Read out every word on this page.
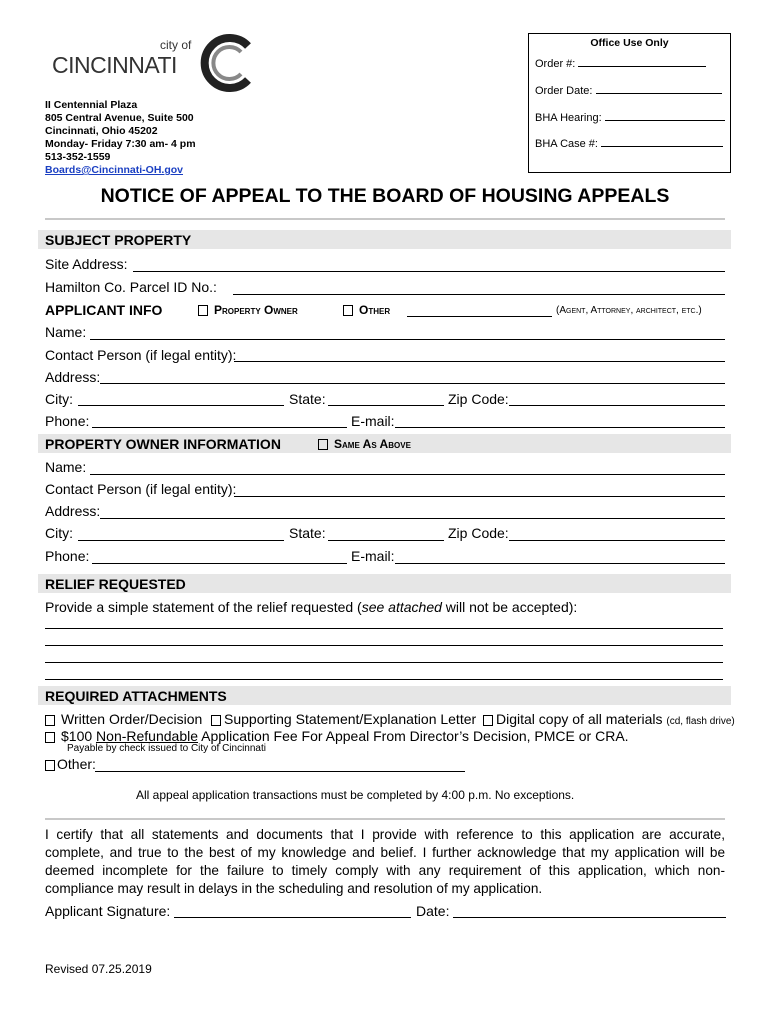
city of
CINCINNATI
II Centennial Plaza
805 Central Avenue, Suite 500
Cincinnati, Ohio 45202
Monday- Friday 7:30 am- 4 pm
513-352-1559
Boards@Cincinnati-OH.gov
Office Use Only
Order #:
Order Date:
BHA Hearing:
BHA Case #:
NOTICE OF APPEAL TO THE BOARD OF HOUSING APPEALS
SUBJECT PROPERTY
Site Address:
Hamilton Co. Parcel ID No.:
APPLICANT INFO	Property Owner	Other	(Agent, Attorney, architect, etc.)
Name:
Contact Person (if legal entity):
Address:
City:	State:	Zip Code:
Phone:	E-mail:
PROPERTY OWNER INFORMATION	Same As Above
Name:
Contact Person (if legal entity):
Address:
City:	State:	Zip Code:
Phone:	E-mail:
RELIEF REQUESTED
Provide a simple statement of the relief requested (see attached will not be accepted):
REQUIRED ATTACHMENTS
Written Order/Decision	Supporting Statement/Explanation Letter	Digital copy of all materials (cd, flash drive)
$100 Non-Refundable Application Fee For Appeal From Director’s Decision, PMCE or CRA.
Payable by check issued to City of Cincinnati
Other:
All appeal application transactions must be completed by 4:00 p.m. No exceptions.
I certify that all statements and documents that I provide with reference to this application are accurate, complete, and true to the best of my knowledge and belief. I further acknowledge that my application will be deemed incomplete for the failure to timely comply with any requirement of this application, which non-compliance may result in delays in the scheduling and resolution of my application.
Applicant Signature:	Date:
Revised 07.25.2019
